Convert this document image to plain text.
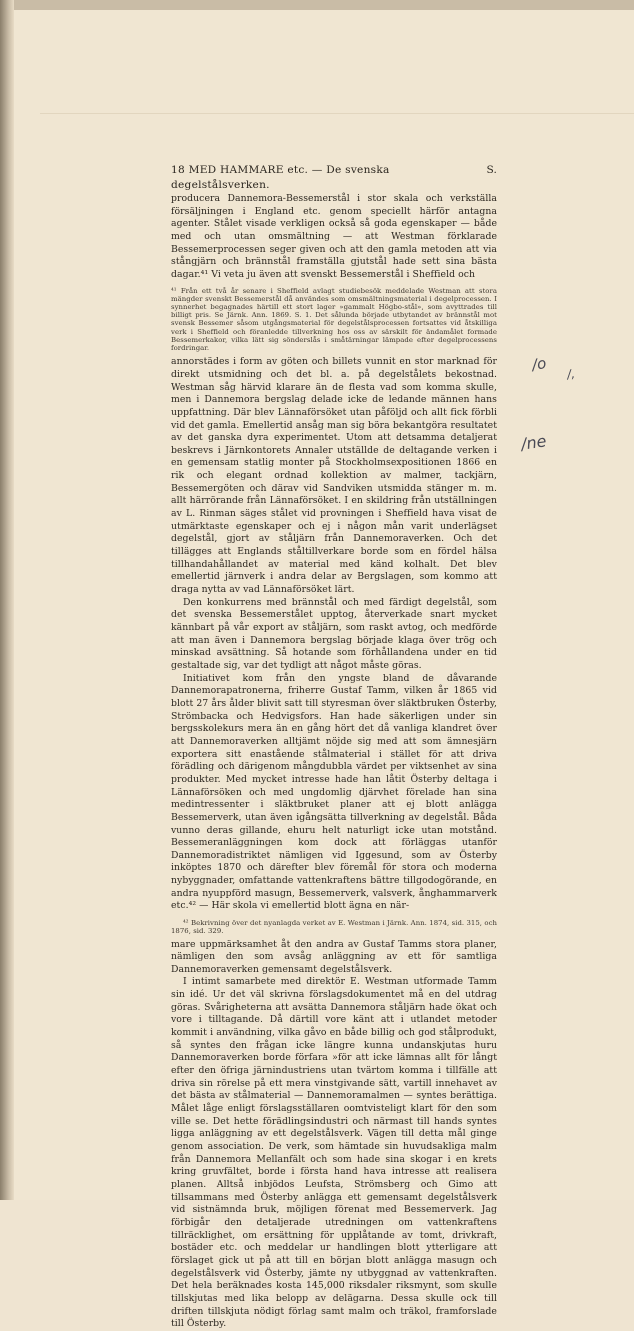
18 MED HAMMARE etc. — De svenska degelstålsverken.
S.

producera Dannemora-Bessemerstål i stor skala och verkställa försäljningen i England etc. genom speciellt härför antagna agenter. Stålet visade verkligen också så goda egenskaper — både med och utan omsmältning — att Westman förklarade Bessemerprocessen seger given och att den gamla metoden att via stångjärn och brännstål framställa gjutstål hade sett sina bästa dagar.⁴¹ Vi veta ju även att svenskt Bessemerstål i Sheffield och

⁴¹ Från ett två år senare i Sheffield avlagt studiebesök meddelade Westman att stora mängder svenskt Bessemerstål då användes som omsmältningsmaterial i degelprocessen. I synnerhet begagnades härtill ett stort lager »gammalt Högbo-stål», som avyttrades till billigt pris. Se Järnk. Ann. 1869. S. 1. Det sålunda började utbytandet av brännstål mot svensk Bessemer såsom utgångsmaterial för degelstålsprocessen fortsattes vid åtskilliga verk i Sheffield och föranledde tillverkning hos oss av särskilt för ändamålet formade Bessemerkakor, vilka lätt sig sönderslås i småtärningar lämpade efter degelprocessens fordringar.

annorstädes i form av göten och billets vunnit en stor marknad för direkt utsmidning och det bl. a. på degelstålets bekostnad. Westman såg härvid klarare än de flesta vad som komma skulle, men i Dannemora bergslag delade icke de ledande männen hans uppfattning. Där blev Lännaförsöket utan påföljd och allt fick förbli vid det gamla. Emellertid ansåg man sig böra bekantgöra resultatet av det ganska dyra experimentet. Utom att detsamma detaljerat beskrevs i Järnkontorets Annaler utställde de deltagande verken i en gemensam statlig monter på Stockholmsexpositionen 1866 en rik och elegant ordnad kollektion av malmer, tackjärn, Bessemergöten och därav vid Sandviken utsmidda stänger m. m. allt härrörande från Lännaförsöket. I en skildring från utställningen av L. Rinman säges stålet vid provningen i Sheffield hava visat de utmärktaste egenskaper och ej i någon mån varit underlägset degelstål, gjort av ståljärn från Dannemoraverken. Och det tillägges att Englands ståltillverkare borde som en fördel hälsa tillhandahållandet av material med känd kolhalt. Det blev emellertid järnverk i andra delar av Bergslagen, som kommo att draga nytta av vad Lännaförsöket lärt.

Den konkurrens med brännstål och med färdigt degelstål, som det svenska Bessemerstålet upptog, återverkade snart mycket kännbart på vår export av ståljärn, som raskt avtog, och medförde att man även i Dannemora bergslag började klaga över trög och minskad avsättning. Så hotande som förhållandena under en tid gestaltade sig, var det tydligt att något måste göras.

Initiativet kom från den yngste bland de dåvarande Dannemorapatronerna, friherre Gustaf Tamm, vilken år 1865 vid blott 27 års ålder blivit satt till styresman över släktbruken Österby, Strömbacka och Hedvigsfors. Han hade säkerligen under sin bergsskolekurs mera än en gång hört det då vanliga klandret över att Dannemoraverken alltjämt nöjde sig med att som ämnesjärn exportera sitt enastående stålmaterial i stället för att driva förädling och därigenom mångdubbla värdet per viktsenhet av sina produkter. Med mycket intresse hade han låtit Österby deltaga i Lännaförsöken och med ungdomlig djärvhet förelade han sina medintressenter i släktbruket planer att ej blott anlägga Bessemerverk, utan även igångsätta tillverkning av degelstål. Båda vunno deras gillande, ehuru helt naturligt icke utan motstånd. Bessemeranläggningen kom dock att förläggas utanför Dannemoradistriktet nämligen vid Iggesund, som av Österby inköptes 1870 och därefter blev föremål för stora och moderna nybyggnader, omfattande vattenkraftens bättre tillgodogörande, en andra nyuppförd masugn, Bessemerverk, valsverk, ånghammarverk etc.⁴² — Här skola vi emellertid blott ägna en när-

⁴² Bekrivning över det nyanlagda verket av E. Westman i Järnk. Ann. 1874, sid. 315, och 1876, sid. 329.

mare uppmärksamhet åt den andra av Gustaf Tamms stora planer, nämligen den som avsåg anläggning av ett för samtliga Dannemoraverken gemensamt degelstålsverk.

I intimt samarbete med direktör E. Westman utformade Tamm sin idé. Ur det väl skrivna förslagsdokumentet må en del utdrag göras. Svårigheterna att avsätta Dannemora ståljärn hade ökat och vore i tilltagande. Då därtill vore känt att i utlandet metoder kommit i användning, vilka gåvo en både billig och god stålprodukt, så syntes den frågan icke längre kunna undanskjutas huru Dannemoraverken borde förfara »för att icke lämnas allt för långt efter den öfriga järnindustriens utan tvärtom komma i tillfälle att driva sin rörelse på ett mera vinstgivande sätt, vartill innehavet av det bästa av stålmaterial — Dannemoramalmen — syntes berättiga. Målet låge enligt förslagsställaren oomtvisteligt klart för den som ville se. Det hette förädlingsindustri och närmast till hands syntes ligga anläggning av ett degelstålsverk. Vägen till detta mål ginge genom association. De verk, som hämtade sin huvudsakliga malm från Dannemora Mellanfält och som hade sina skogar i en krets kring gruvfältet, borde i första hand hava intresse att realisera planen. Alltså inbjödos Leufsta, Strömsberg och Gimo att tillsammans med Österby anlägga ett gemensamt degelstålsverk vid sistnämnda bruk, möjligen förenat med Bessemerverk. Jag förbigår den detaljerade utredningen om vattenkraftens tillräcklighet, om ersättning för upplåtande av tomt, drivkraft, bostäder etc. och meddelar ur handlingen blott ytterligare att förslaget gick ut på att till en början blott anlägga masugn och degelstålsverk vid Österby, jämte ny utbyggnad av vattenkraften. Det hela beräknades kosta 145,000 riksdaler riksmynt, som skulle tillskjutas med lika belopp av delägarna. Dessa skulle ock till driften tillskjuta nödigt förlag samt malm och träkol, framforslade till Österby.

/o
/,
/ne
